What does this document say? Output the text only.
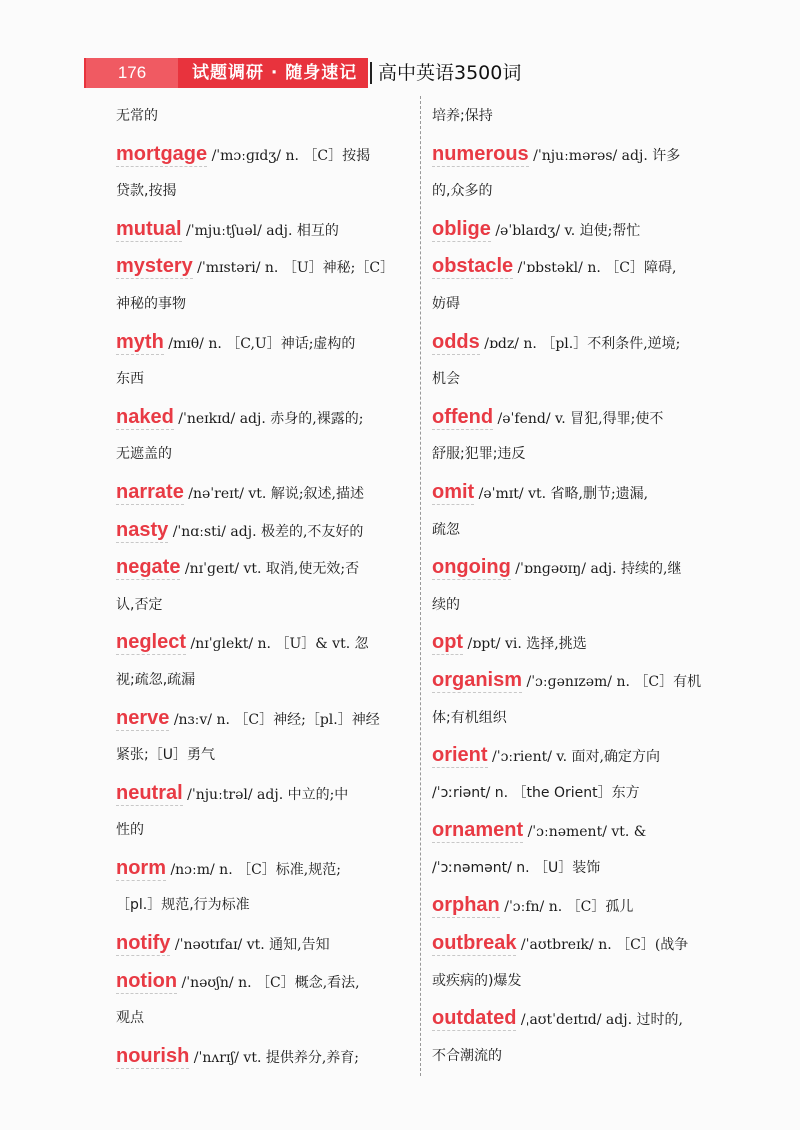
176	试题调研 · 随身速记 高中英语3500词
无常的
mortgage /ˈmɔːɡɪdʒ/ n. ［C］按揭
贷款,按揭
mutual /ˈmjuːtʃuəl/ adj. 相互的
mystery /ˈmɪstəri/ n. ［U］神秘;［C］
神秘的事物
myth /mɪθ/ n. ［C,U］神话;虚构的
东西
naked /ˈneɪkɪd/ adj. 赤身的,裸露的;
无遮盖的
narrate /nəˈreɪt/ vt. 解说;叙述,描述
nasty /ˈnɑːsti/ adj. 极差的,不友好的
negate /nɪˈɡeɪt/ vt. 取消,使无效;否
认,否定
neglect /nɪˈɡlekt/ n. ［U］& vt. 忽
视;疏忽,疏漏
nerve /nɜːv/ n. ［C］神经;［pl.］神经
紧张;［U］勇气
neutral /ˈnjuːtrəl/ adj. 中立的;中
性的
norm /nɔːm/ n. ［C］标准,规范;
［pl.］规范,行为标准
notify /ˈnəʊtɪfaɪ/ vt. 通知,告知
notion /ˈnəʊʃn/ n. ［C］概念,看法,
观点
nourish /ˈnʌrɪʃ/ vt. 提供养分,养育;
培养;保持
numerous /ˈnjuːmərəs/ adj. 许多
的,众多的
oblige /əˈblaɪdʒ/ v. 迫使;帮忙
obstacle /ˈɒbstəkl/ n. ［C］障碍,
妨碍
odds /ɒdz/ n. ［pl.］不利条件,逆境;
机会
offend /əˈfend/ v. 冒犯,得罪;使不
舒服;犯罪;违反
omit /əˈmɪt/ vt. 省略,删节;遗漏,
疏忽
ongoing /ˈɒnɡəʊɪŋ/ adj. 持续的,继
续的
opt /ɒpt/ vi. 选择,挑选
organism /ˈɔːɡənɪzəm/ n. ［C］有机
体;有机组织
orient /ˈɔːrient/ v. 面对,确定方向
/ˈɔːriənt/ n. ［the Orient］东方
ornament /ˈɔːnəment/ vt. &
/ˈɔːnəmənt/ n. ［U］装饰
orphan /ˈɔːfn/ n. ［C］孤儿
outbreak /ˈaʊtbreɪk/ n. ［C］(战争
或疾病的)爆发
outdated /ˌaʊtˈdeɪtɪd/ adj. 过时的,
不合潮流的
